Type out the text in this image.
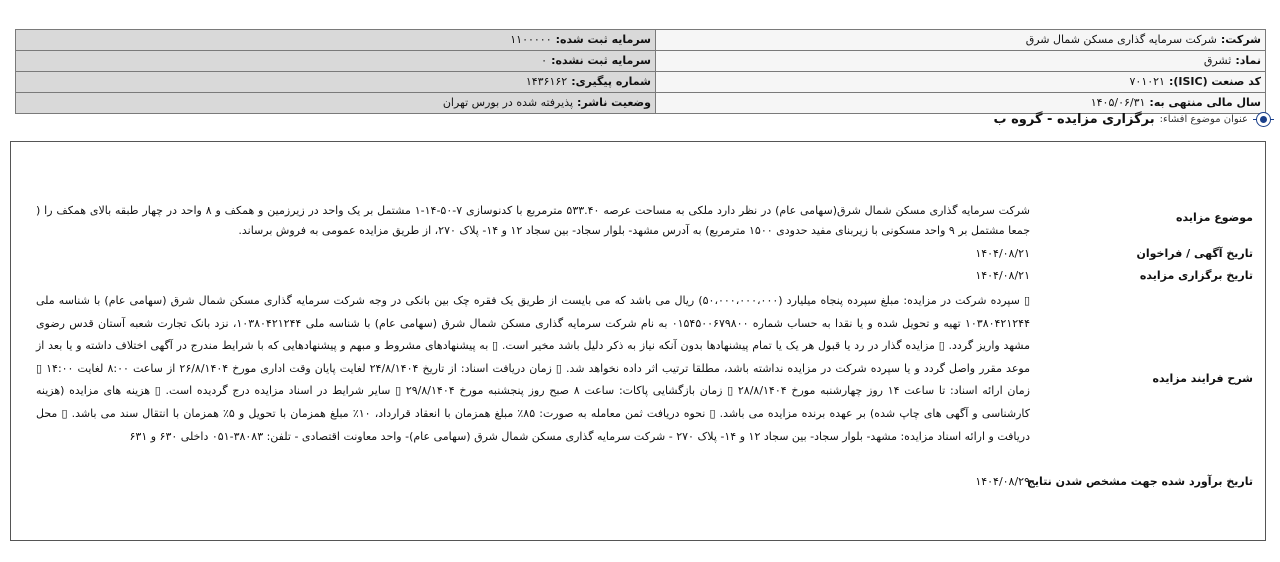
شرکت:شرکت سرمایه گذاری مسکن شمال شرق	سرمایه ثبت شده:۱۱۰۰۰۰۰
نماد:ثشرق	سرمایه ثبت نشده:۰
کد صنعت (ISIC):۷۰۱۰۲۱	شماره پیگیری:۱۴۳۶۱۶۲
سال مالی منتهی به:۱۴۰۵/۰۶/۳۱	وضعیت ناشر:پذیرفته شده در بورس تهران
عنوان موضوع افشاء:
برگزاری مزایده - گروه ب
موضوع مزایده
شرکت سرمایه گذاری مسکن شمال شرق(سهامی عام) در نظر دارد ملکی به مساحت عرصه ۵۳۳.۴۰ مترمربع با کدنوسازی ۷-۵۰-۱۴-۱ مشتمل بر یک واحد در زیرزمین و همکف و ۸ واحد در چهار طبقه بالای همکف را ( جمعا مشتمل بر ۹ واحد مسکونی با زیربنای مفید حدودی ۱۵۰۰ مترمربع) به آدرس مشهد- بلوار سجاد- بین سجاد ۱۲ و ۱۴- پلاک ۲۷۰، از طریق مزایده عمومی به فروش برساند.
تاریخ آگهی / فراخوان
۱۴۰۴/۰۸/۲۱
تاریخ برگزاری مزایده
۱۴۰۴/۰۸/۲۱
شرح فرایند مزایده
▯ سپرده شرکت در مزایده: مبلغ سپرده پنجاه میلیارد (۵۰،۰۰۰،۰۰۰،۰۰۰) ریال می باشد که می بایست از طریق یک فقره چک بین بانکی در وجه شرکت سرمایه گذاری مسکن شمال شرق (سهامی عام) با شناسه ملی ۱۰۳۸۰۴۲۱۲۴۴ تهیه و تحویل شده و یا نقدا به حساب شماره ۰۱۵۴۵۰۰۶۷۹۸۰۰ به نام شرکت سرمایه گذاری مسکن شمال شرق (سهامی عام) با شناسه ملی ۱۰۳۸۰۴۲۱۲۴۴، نزد بانک تجارت شعبه آستان قدس رضوی مشهد واریز گردد. ▯ مزایده گذار در رد یا قبول هر یک یا تمام پیشنهادها بدون آنکه نیاز به ذکر دلیل باشد مخیر است. ▯ به پیشنهادهای مشروط و مبهم و پیشنهادهایی که با شرایط مندرج در آگهی اختلاف داشته و یا بعد از موعد مقرر واصل گردد و یا سپرده شرکت در مزایده نداشته باشد، مطلقا ترتیب اثر داده نخواهد شد. ▯ زمان دریافت اسناد: از تاریخ ۲۴/۸/۱۴۰۴ لغایت پایان وقت اداری مورخ ۲۶/۸/۱۴۰۴ از ساعت ۸:۰۰ لغایت ۱۴:۰۰ ▯ زمان ارائه اسناد: تا ساعت ۱۴ روز چهارشنبه مورخ ۲۸/۸/۱۴۰۴ ▯ زمان بازگشایی پاکات: ساعت ۸ صبح روز پنجشنبه مورخ ۲۹/۸/۱۴۰۴ ▯ سایر شرایط در اسناد مزایده درج گردیده است. ▯ هزینه های مزایده (هزینه کارشناسی و آگهی های چاپ شده) بر عهده برنده مزایده می باشد. ▯ نحوه دریافت ثمن معامله به صورت: ۸۵٪ مبلغ همزمان با انعقاد قرارداد، ۱۰٪ مبلغ همزمان با تحویل و ۵٪ همزمان با انتقال سند می باشد. ▯ محل دریافت و ارائه اسناد مزایده: مشهد- بلوار سجاد- بین سجاد ۱۲ و ۱۴- پلاک ۲۷۰ - شرکت سرمایه گذاری مسکن شمال شرق (سهامی عام)- واحد معاونت اقتصادی - تلفن: ۳۸۰۸۳-۰۵۱ داخلی ۶۳۰ و ۶۳۱
تاریخ برآورد شده جهت مشخص شدن نتایج
۱۴۰۴/۰۸/۲۹
